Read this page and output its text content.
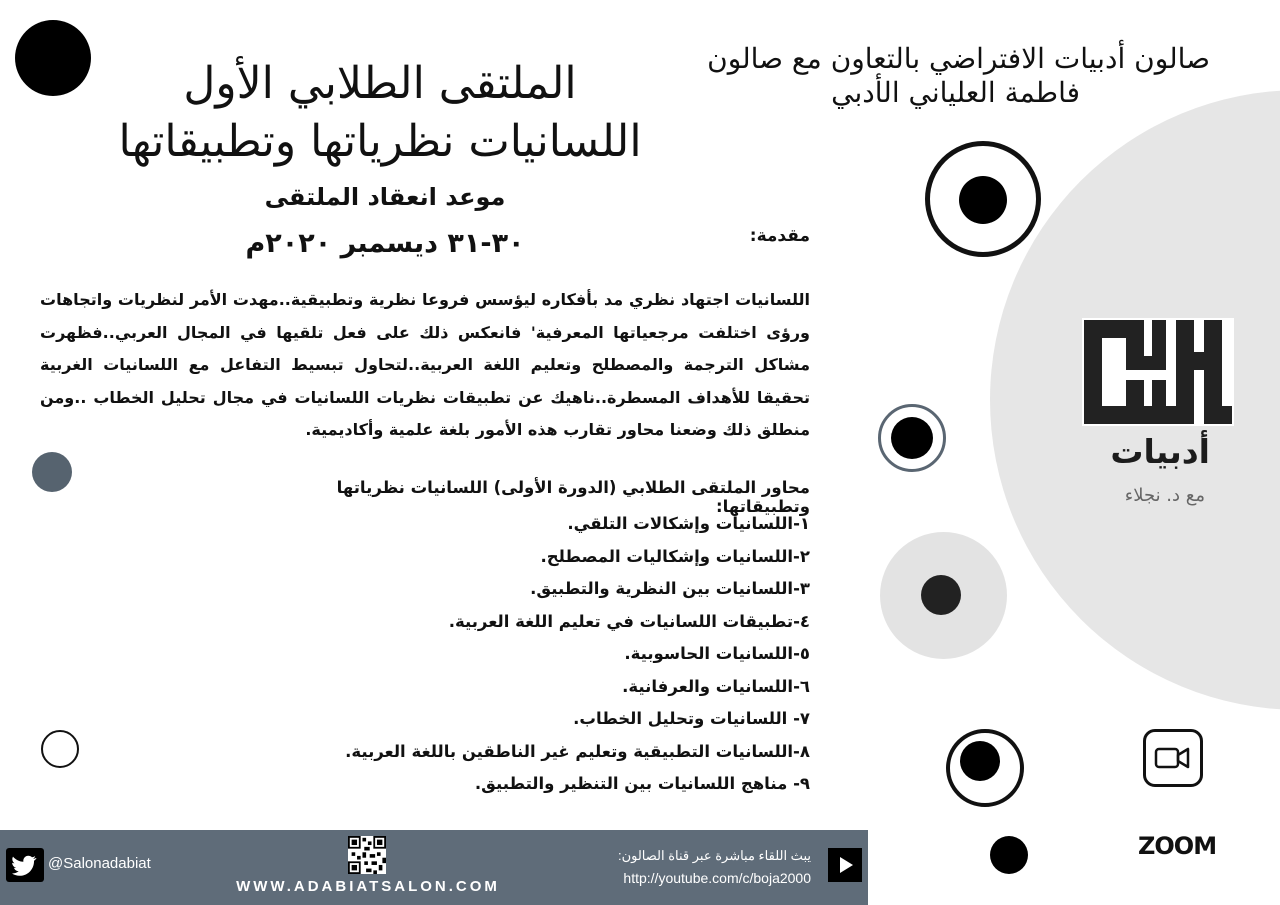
صالون أدبيات الافتراضي بالتعاون مع صالون
فاطمة العلياني الأدبي
الملتقى الطلابي الأول
اللسانيات نظرياتها وتطبيقاتها
موعد انعقاد الملتقى
٣٠-٣١ ديسمبر ٢٠٢٠م	مقدمة:
اللسانيات اجتهاد نظري مد بأفكاره ليؤسس فروعا نظرية وتطبيقية..مهدت الأمر لنظريات واتجاهات ورؤى اختلفت مرجعياتها المعرفية' فانعكس ذلك على فعل تلقيها في المجال العربي..فظهرت مشاكل الترجمة والمصطلح وتعليم اللغة العربية..لتحاول تبسيط التفاعل مع اللسانيات الغربية تحقيقا للأهداف المسطرة..ناهيك عن تطبيقات نظريات اللسانيات في مجال تحليل الخطاب ..ومن منطلق ذلك وضعنا محاور تقارب هذه الأمور بلغة علمية وأكاديمية.
محاور الملتقى الطلابي (الدورة الأولى) اللسانيات نظرياتها وتطبيقاتها:
١-اللسانيات وإشكالات التلقي.
٢-اللسانيات وإشكاليات المصطلح.
٣-اللسانيات بين النظرية والتطبيق.
٤-تطبيقات اللسانيات في تعليم اللغة العربية.
٥-اللسانيات الحاسوبية.
٦-اللسانيات والعرفانية.
٧- اللسانيات وتحليل الخطاب.
٨-اللسانيات التطبيقية وتعليم غير الناطقين باللغة العربية.
٩- مناهج اللسانيات بين التنظير والتطبيق.
أدبيات
مع د. نجلاء
ZOOM
@Salonadabiat
WWW.ADABIATSALON.COM
يبث اللقاء مباشرة عبر قناة الصالون:
http://youtube.com/c/boja2000
